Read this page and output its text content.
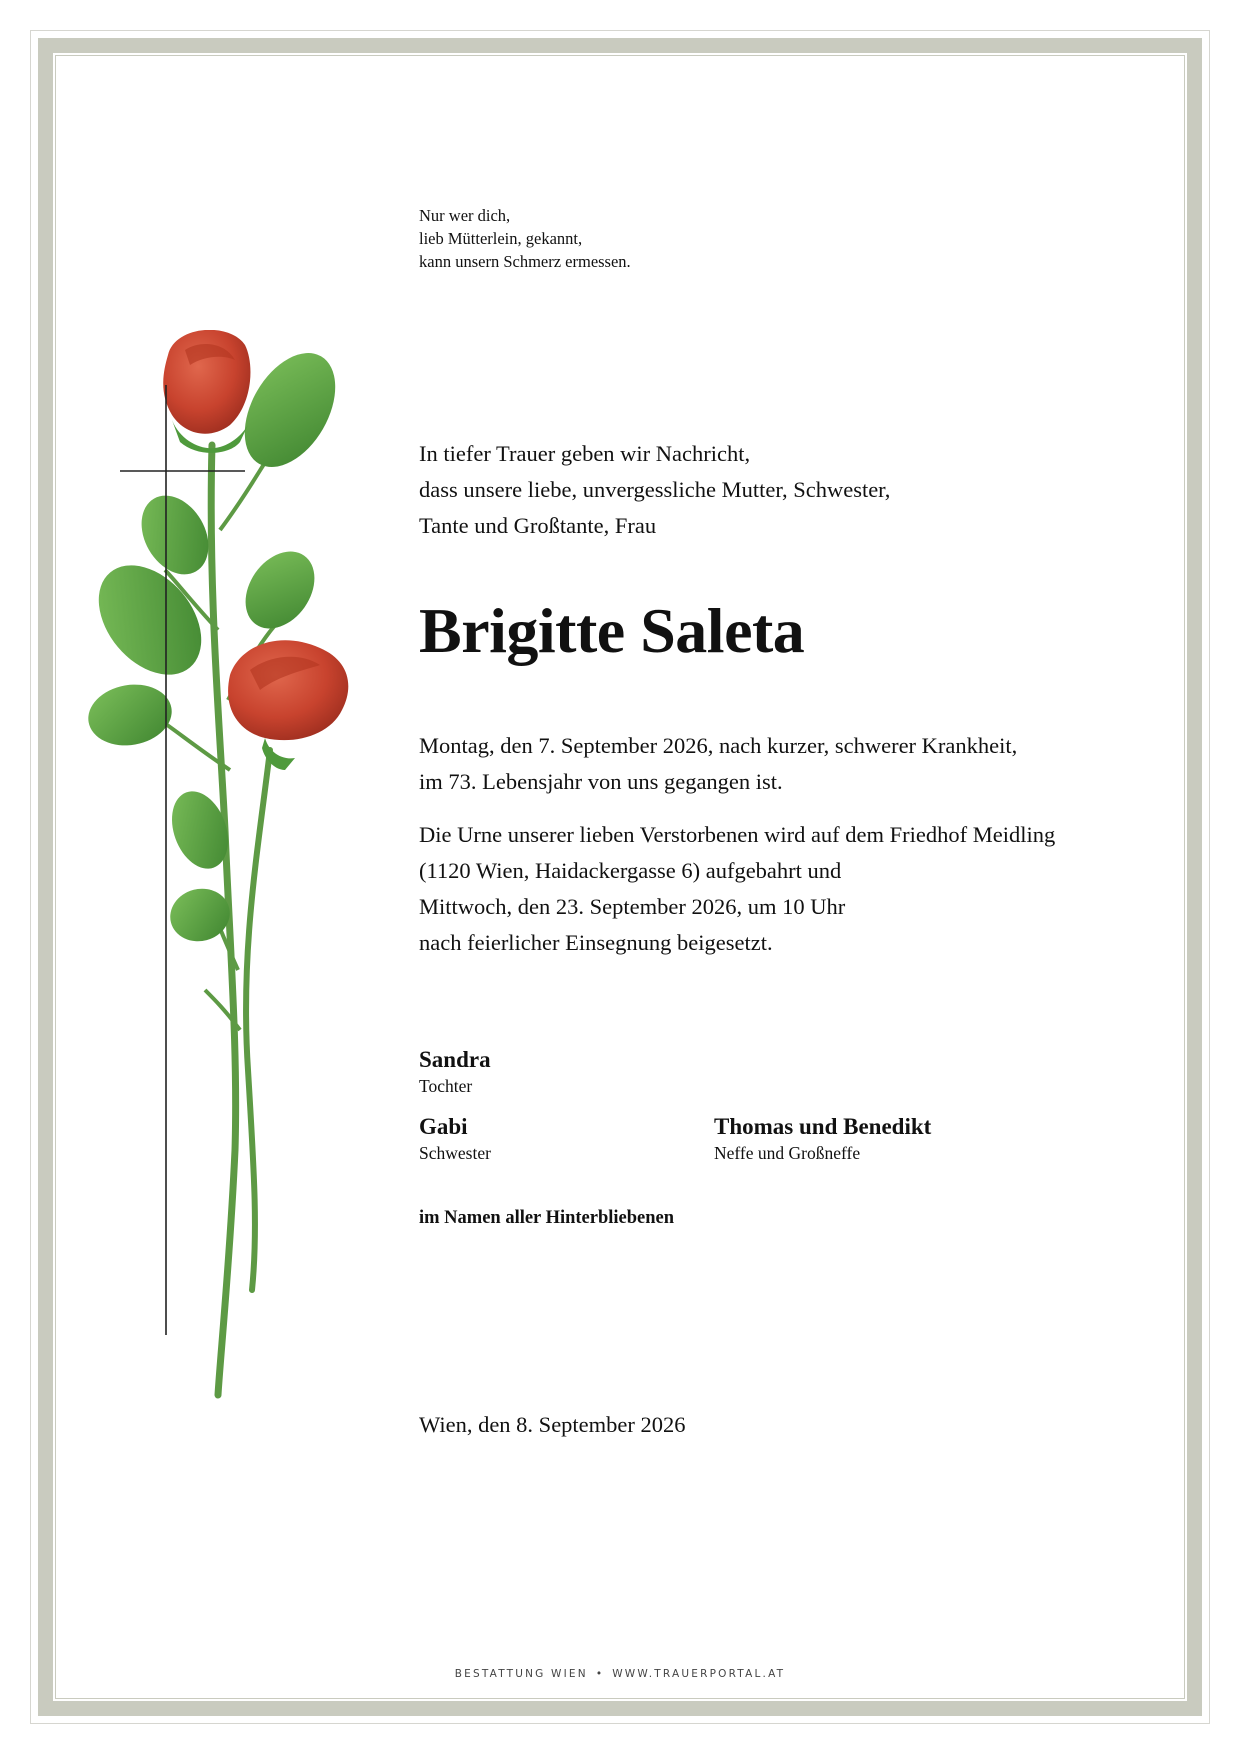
Nur wer dich,

lieb Mütterlein, gekannt,

kann unsern Schmerz ermessen.

In tiefer Trauer geben wir Nachricht,

dass unsere liebe, unvergessliche Mutter, Schwester,

Tante und Großtante, Frau

Brigitte Saleta

Montag, den 7. September 2026, nach kurzer, schwerer Krankheit,

im 73. Lebensjahr von uns gegangen ist.

Die Urne unserer lieben Verstorbenen wird auf dem Friedhof Meidling

(1120 Wien, Haidackergasse 6) aufgebahrt und

Mittwoch, den 23. September 2026, um 10 Uhr

nach feierlicher Einsegnung beigesetzt.

Sandra
Tochter
Gabi
Schwester
Thomas und Benedikt
Neffe und Großneffe
im Namen aller Hinterbliebenen
Wien, den 8. September 2026
BESTATTUNG WIEN • WWW.TRAUERPORTAL.AT
